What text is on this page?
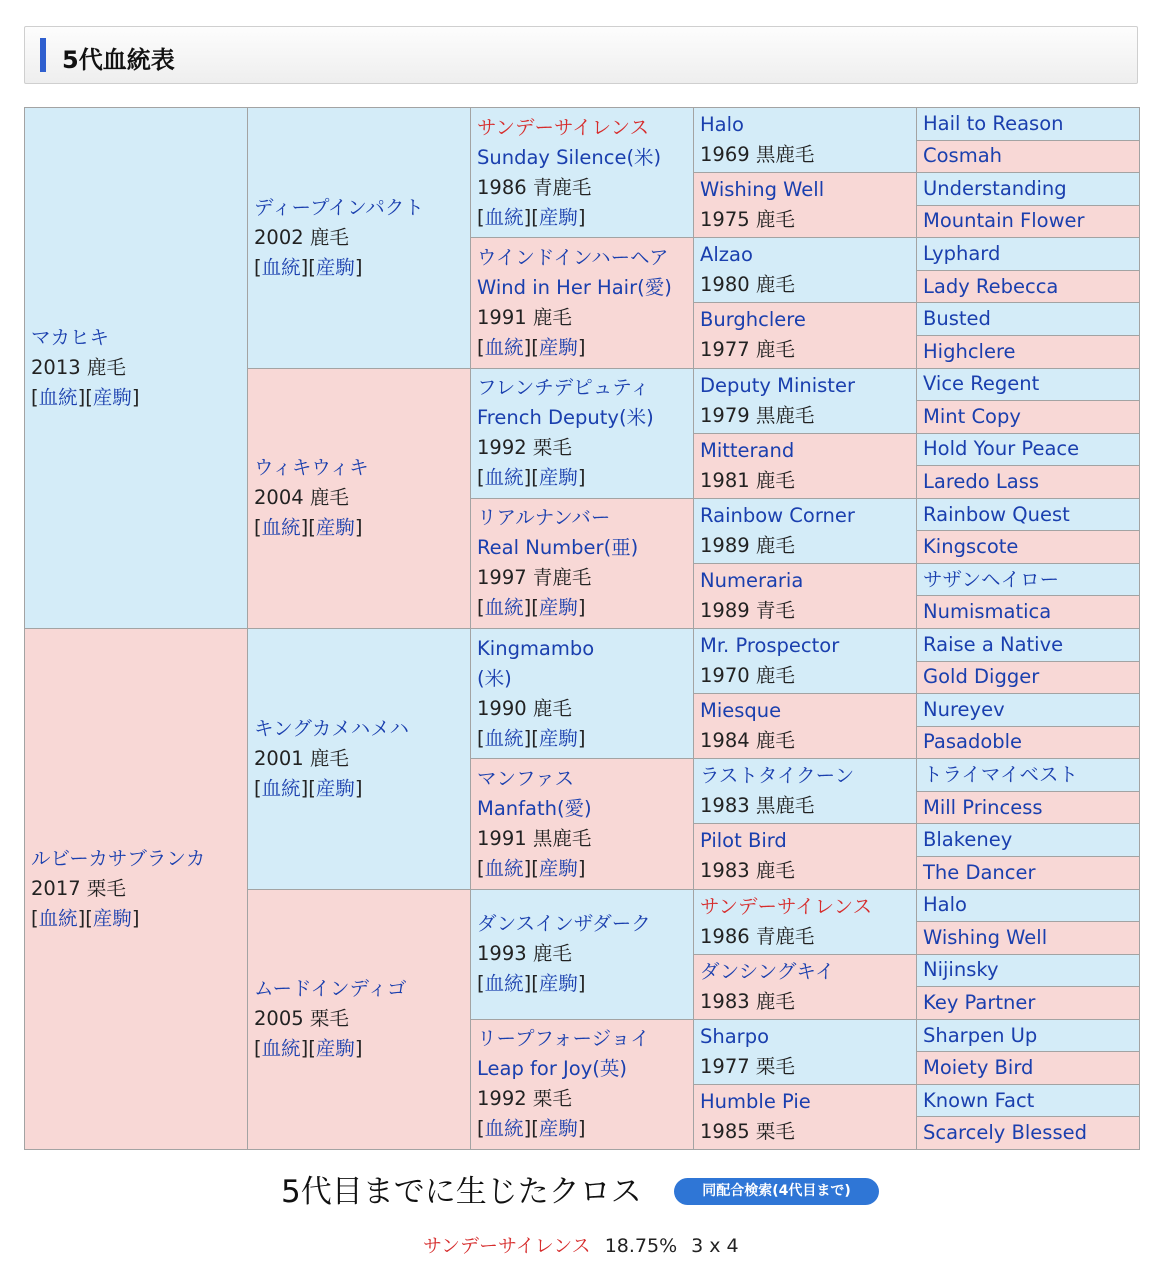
5代血統表
マカヒキ
2013 鹿毛
[血統][産駒]	ディープインパクト
2002 鹿毛
[血統][産駒]	サンデーサイレンス
Sunday Silence(米)
1986 青鹿毛
[血統][産駒]	Halo
1969 黒鹿毛	Hail to Reason

				Cosmah

			Wishing Well
1975 鹿毛	Understanding

				Mountain Flower

		ウインドインハーヘア
Wind in Her Hair(愛)
1991 鹿毛
[血統][産駒]	Alzao
1980 鹿毛	Lyphard

				Lady Rebecca

			Burghclere
1977 鹿毛	Busted

				Highclere

	ウィキウィキ
2004 鹿毛
[血統][産駒]	フレンチデピュティ
French Deputy(米)
1992 栗毛
[血統][産駒]	Deputy Minister
1979 黒鹿毛	Vice Regent

				Mint Copy

			Mitterand
1981 鹿毛	Hold Your Peace

				Laredo Lass

		リアルナンバー
Real Number(亜)
1997 青鹿毛
[血統][産駒]	Rainbow Corner
1989 鹿毛	Rainbow Quest

				Kingscote

			Numeraria
1989 青毛	サザンヘイロー

				Numismatica

ルビーカサブランカ
2017 栗毛
[血統][産駒]	キングカメハメハ
2001 鹿毛
[血統][産駒]	Kingmambo
(米)
1990 鹿毛
[血統][産駒]	Mr. Prospector
1970 鹿毛	Raise a Native

				Gold Digger

			Miesque
1984 鹿毛	Nureyev

				Pasadoble

		マンファス
Manfath(愛)
1991 黒鹿毛
[血統][産駒]	ラストタイクーン
1983 黒鹿毛	トライマイベスト

				Mill Princess

			Pilot Bird
1983 鹿毛	Blakeney

				The Dancer

	ムードインディゴ
2005 栗毛
[血統][産駒]	ダンスインザダーク
1993 鹿毛
[血統][産駒]	サンデーサイレンス
1986 青鹿毛	Halo

				Wishing Well

			ダンシングキイ
1983 鹿毛	Nijinsky

				Key Partner

		リープフォージョイ
Leap for Joy(英)
1992 栗毛
[血統][産駒]	Sharpo
1977 栗毛	Sharpen Up

				Moiety Bird

			Humble Pie
1985 栗毛	Known Fact

				Scarcely Blessed
5代目までに生じたクロス	同配合検索(4代目まで)
サンデーサイレンス 18.75% 3 x 4
